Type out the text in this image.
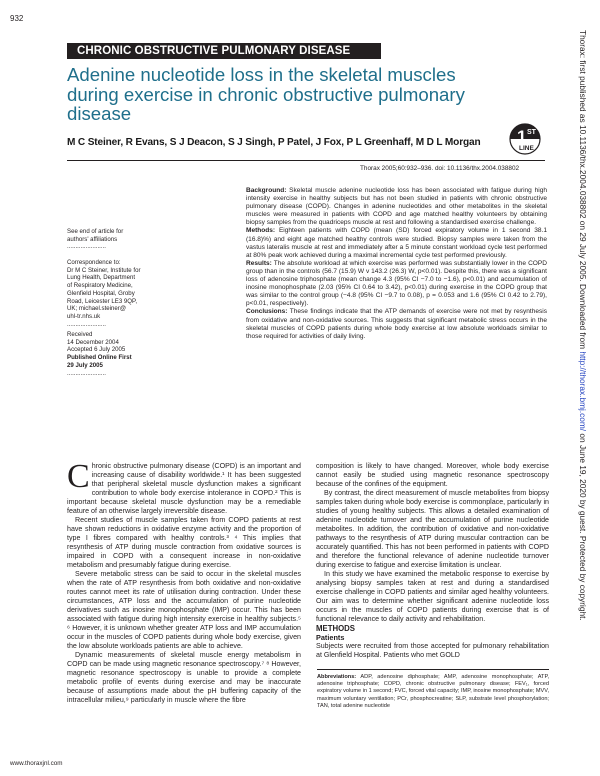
932
CHRONIC OBSTRUCTIVE PULMONARY DISEASE
Adenine nucleotide loss in the skeletal muscles
during exercise in chronic obstructive pulmonary
disease
M C Steiner, R Evans, S J Deacon, S J Singh, P Patel, J Fox, P L Greenhaff, M D L Morgan 1 ST
LINE
Thorax 2005;60:932–936. doi: 10.1136/thx.2004.038802
See end of article for
authors' affiliations
.......................
Correspondence to:
Dr M C Steiner, Institute for
Lung Health, Department
of Respiratory Medicine,
Glenfield Hospital, Groby
Road, Leicester LE3 9QP,
UK; michael.steiner@
uhl-tr.nhs.uk
.......................
Received
14 December 2004
Accepted 6 July 2005
Published Online First
29 July 2005
.......................
Background: Skeletal muscle adenine nucleotide loss has been associated with fatigue during high intensity exercise in healthy subjects but has not been studied in patients with chronic obstructive pulmonary disease (COPD). Changes in adenine nucleotides and other metabolites in the skeletal muscles were measured in patients with COPD and age matched healthy volunteers by obtaining biopsy samples from the quadriceps muscle at rest and following a standardised exercise challenge.
Methods: Eighteen patients with COPD (mean (SD) forced expiratory volume in 1 second 38.1 (16.8)%) and eight age matched healthy controls were studied. Biopsy samples were taken from the vastus lateralis muscle at rest and immediately after a 5 minute constant workload cycle test performed at 80% peak work achieved during a maximal incremental cycle test performed previously.
Results: The absolute workload at which exercise was performed was substantially lower in the COPD group than in the controls (56.7 (15.9) W v 143.2 (26.3) W, p<0.01). Despite this, there was a significant loss of adenosine triphosphate (mean change 4.3 (95% CI −7.0 to −1.6), p<0.01) and accumulation of inosine monophosphate (2.03 (95% CI 0.64 to 3.42), p<0.01) during exercise in the COPD group that was similar to the control group (−4.8 (95% CI −9.7 to 0.08), p = 0.053 and 1.6 (95% CI 0.42 to 2.79), p<0.01, respectively).
Conclusions: These findings indicate that the ATP demands of exercise were not met by resynthesis from oxidative and non-oxidative sources. This suggests that significant metabolic stress occurs in the skeletal muscles of COPD patients during whole body exercise at low absolute workloads similar to those required for activities of daily living.

Chronic obstructive pulmonary disease (COPD) is an important and increasing cause of disability worldwide.¹ It has been suggested that peripheral skeletal muscle dysfunction makes a significant contribution to whole body exercise intolerance in COPD.² This is important because skeletal muscle dysfunction may be a remediable feature of an otherwise largely irreversible disease.

Recent studies of muscle samples taken from COPD patients at rest have shown reductions in oxidative enzyme activity and the proportion of type I fibres compared with healthy controls.³ ⁴ This implies that resynthesis of ATP during muscle contraction from oxidative sources is impaired in COPD with a consequent increase in non-oxidative metabolism and presumably fatigue during exercise.

Severe metabolic stress can be said to occur in the skeletal muscles when the rate of ATP resynthesis from both oxidative and non-oxidative routes cannot meet its rate of utilisation during contraction. Under these circumstances, ATP loss and the accumulation of purine nucleotide derivatives such as inosine monophosphate (IMP) occur. This has been associated with fatigue during high intensity exercise in healthy subjects.⁵ ⁶ However, it is unknown whether greater ATP loss and IMP accumulation occur in the muscles of COPD patients during whole body exercise, given the low absolute workloads patients are able to achieve.

Dynamic measurements of skeletal muscle energy metabolism in COPD can be made using magnetic resonance spectroscopy.⁷ ⁸ However, magnetic resonance spectroscopy is unable to provide a complete metabolic profile of events during exercise and may be inaccurate because of assumptions made about the pH buffering capacity of the intracellular milieu,⁹ particularly in muscle where the fibre

composition is likely to have changed. Moreover, whole body exercise cannot easily be studied using magnetic resonance spectroscopy because of the confines of the equipment.

By contrast, the direct measurement of muscle metabolites from biopsy samples taken during whole body exercise is commonplace, particularly in studies of young healthy subjects. This allows a detailed examination of adenine nucleotide turnover and the accumulation of purine nucleotide metabolites. In addition, the contribution of oxidative and non-oxidative pathways to the resynthesis of ATP during muscular contraction can be accurately quantified. This has not been performed in patients with COPD and therefore the functional relevance of adenine nucleotide turnover during exercise to fatigue and exercise limitation is unclear.

In this study we have examined the metabolic response to exercise by analysing biopsy samples taken at rest and during a standardised exercise challenge in COPD patients and similar aged healthy volunteers. Our aim was to determine whether significant adenine nucleotide loss occurs in the muscles of COPD patients during exercise that is of functional relevance to daily activity and rehabilitation.

METHODS

Patients

Subjects were recruited from those accepted for pulmonary rehabilitation at Glenfield Hospital. Patients who met GOLD

Abbreviations: ADP, adenosine diphosphate; AMP, adenosine monophosphate; ATP, adenosine triphosphate; COPD, chronic obstructive pulmonary disease; FEV₁, forced expiratory volume in 1 second; FVC, forced vital capacity; IMP, inosine monophosphate; MVV, maximum voluntary ventilation; PCr, phosphocreatine; SLP, substrate level phosphorylation; TAN, total adenine nucleotide
www.thoraxjnl.com
Thorax: first published as 10.1136/thx.2004.038802 on 29 July 2005. Downloaded from http://thorax.bmj.com/ on June 19, 2020 by guest. Protected by copyright.
